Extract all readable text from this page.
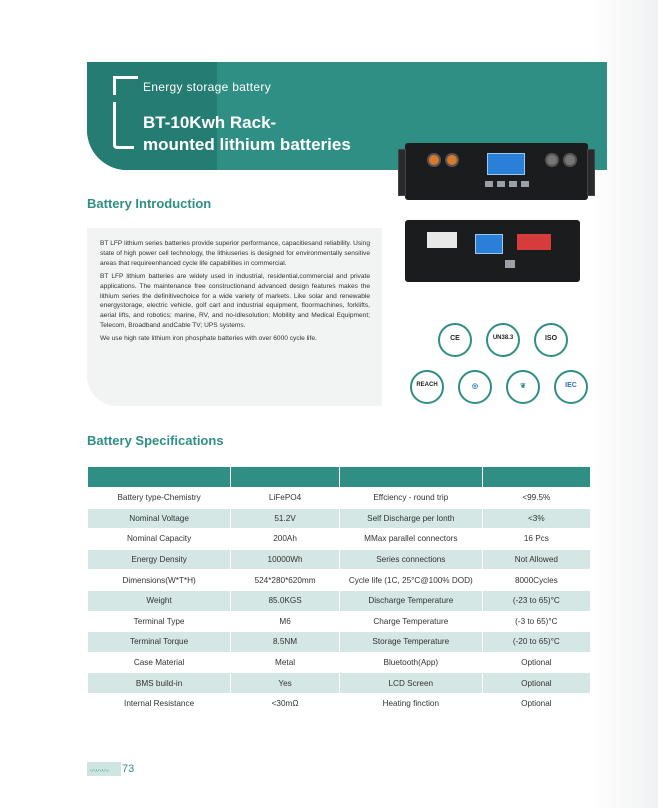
Energy storage battery
BT-10Kwh Rack-
mounted lithium batteries
CE	UN38.3	ISO
REACH	◎	❦	IEC
Battery Introduction

BT LFP lithium series batteries provide superior performance, capacitiesand reliability. Using state of high power cell technology, the lithiuseries is designed for environmentally sensitive areas that requireenhanced cycle life capabilities in commercial.

BT LFP lithium batteries are widely used in industrial, residential,commercial and private applications. The maintenance free constructionand advanced design features makes the lithium series the definitivechoice for a wide variety of markets. Like solar and renewable energystorage, electric vehicle, golf cart and industrial equipment, floormachines, forklifts, aerial lifts, and robotics; marine, RV, and no-idlesolution; Mobility and Medical Equipment; Telecom, Broadband andCable TV; UPS systems.

We use high rate lithium iron phosphate batteries with over 6000 cycle life.

Battery Specifications

Battery type-Chemistry	LiFePO4	Effciency - round trip	<99.5%
Nominal Voltage	51.2V	Self Discharge per lonth	<3%
Nominal Capacity	200Ah	MMax parallel connectors	16 Pcs
Energy Density	10000Wh	Series connections	Not Allowed
Dimensions(W*T*H)	524*280*620mm	Cycle life (1C, 25°C@100% DOD)	8000Cycles
Weight	85.0KGS	Discharge Temperature	(-23 to 65)°C
Terminal Type	M6	Charge Temperature	(-3 to 65)°C
Terminal Torque	8.5NM	Storage Temperature	(-20 to 65)°C
Case Material	Metal	Bluetooth(App)	Optional
BMS build-in	Yes	LCD Screen	Optional
Internal Resistance	<30mΩ	Heating finction	Optional
〰〰〰 73
